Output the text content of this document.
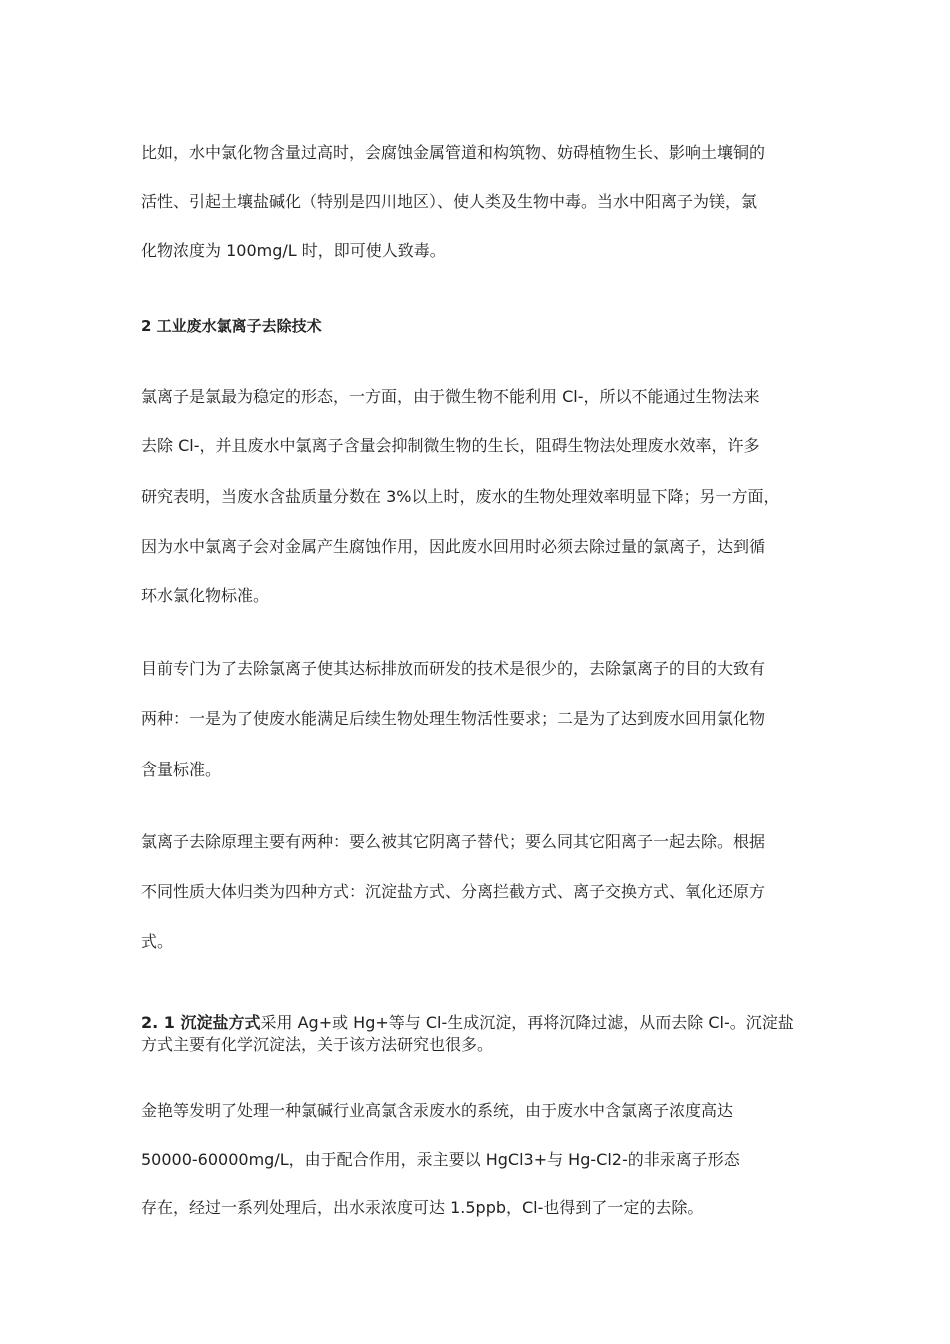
比如，水中氯化物含量过高时，会腐蚀金属管道和构筑物、妨碍植物生长、影响土壤铜的
活性、引起土壤盐碱化（特别是四川地区）、使人类及生物中毒。当水中阳离子为镁，氯
化物浓度为 100mg/L 时，即可使人致毒。
2 工业废水氯离子去除技术
氯离子是氯最为稳定的形态，一方面，由于微生物不能利用 Cl-，所以不能通过生物法来
去除 Cl-，并且废水中氯离子含量会抑制微生物的生长，阻碍生物法处理废水效率，许多
研究表明，当废水含盐质量分数在 3%以上时，废水的生物处理效率明显下降；另一方面，
因为水中氯离子会对金属产生腐蚀作用，因此废水回用时必须去除过量的氯离子，达到循
环水氯化物标准。
目前专门为了去除氯离子使其达标排放而研发的技术是很少的，去除氯离子的目的大致有
两种：一是为了使废水能满足后续生物处理生物活性要求；二是为了达到废水回用氯化物
含量标准。
氯离子去除原理主要有两种：要么被其它阴离子替代；要么同其它阳离子一起去除。根据
不同性质大体归类为四种方式：沉淀盐方式、分离拦截方式、离子交换方式、氧化还原方
式。
2. 1 沉淀盐方式采用 Ag+或 Hg+等与 Cl-生成沉淀，再将沉降过滤，从而去除 Cl-。沉淀盐
方式主要有化学沉淀法，关于该方法研究也很多。
金艳等发明了处理一种氯碱行业高氯含汞废水的系统，由于废水中含氯离子浓度高达
50000-60000mg/L，由于配合作用，汞主要以 HgCl3+与 Hg-Cl2-的非汞离子形态
存在，经过一系列处理后，出水汞浓度可达 1.5ppb，Cl-也得到了一定的去除。
